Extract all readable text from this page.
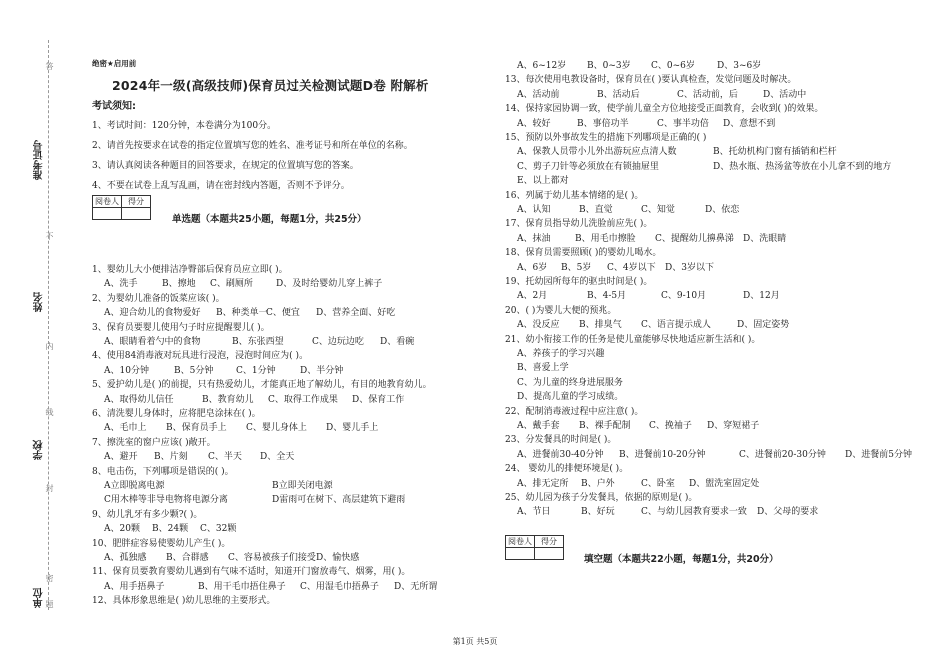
准考证号
姓名
学校
单位
答
不
内
线
封
密
题
绝密★启用前
2024年一级(高级技师)保育员过关检测试题D卷 附解析
考试须知:
1、考试时间：120分钟，本卷满分为100分。
2、请首先按要求在试卷的指定位置填写您的姓名、准考证号和所在单位的名称。
3、请认真阅读各种题目的回答要求，在规定的位置填写您的答案。
4、不要在试卷上乱写乱画，请在密封线内答题，否则不予评分。
阅卷人	得分

单选题（本题共25小题，每题1分，共25分）
1、婴幼儿大小便排洁净臀部后保育员应立即( )。
A、洗手	B、擦地 C、刷厕所	D、及时给婴幼儿穿上裤子
2、为婴幼儿准备的饭菜应该( )。
A、迎合幼儿的食物爱好 B、种类单一
C、便宜 D、营养全面、好吃
3、保育员要婴儿使用勺子时应提醒婴儿( )。
A、眼睛看着勺中的食物	B、东张西望	C、边玩边吃 D、看碗
4、使用84消毒液对玩具进行浸泡，浸泡时间应为( )。
A、10分钟	B、5分钟	C、1分钟	D、半分钟
5、爱护幼儿是( )的前提，只有热爱幼儿，才能真正地了解幼儿，有目的地教育幼儿。
A、取得幼儿信任	B、教育幼儿 C、取得工作成果 D、保育工作
6、清洗婴儿身体时，应将肥皂涂抹在( )。
A、毛巾上 B、保育员手上 C、婴儿身体上 D、婴儿手上
7、擦洗室的窗户应该( )敞开。
A、避开 B、片刻 C、半天 D、全天
8、电击伤，下列哪项是错误的( )。
A立即脱离电源	B立即关闭电源
C用木棒等非导电物将电源分离	D雷雨可在树下、高层建筑下避雨
9、幼儿乳牙有多少颗?( )。
A、20颗 B、24颗 C、32颗
10、肥胖症容易使婴幼儿产生( )。
A、孤独感 B、合群感 C、容易被孩子们接受 D、愉快感
11、保育员要教育婴幼儿遇到有气味不适时，知道开门窗放毒气、烟雾，用( )。
A、用手捂鼻子	B、用干毛巾捂住鼻子 C、用湿毛巾捂鼻子 D、无所谓
12、具体形象思维是( )幼儿思维的主要形式。
A、6~12岁 B、0~3岁 C、0~6岁 D、3~6岁
13、每次使用电教设备时，保育员在( )要认真检查，发觉问题及时解决。
A、活动前	B、活动后	C、活动前，后	D、活动中
14、保持家园协调一致，使学前儿童全方位地接受正面教育，会收到( )的效果。
A、较好	B、事倍功半	C、事半功倍 D、意想不到
15、预防以外事故发生的措施下列哪项是正确的( )
A、保教人员带小儿外出游玩应点清人数	B、托幼机构门窗有插销和栏杆
C、剪子刀针等必须放在有锁抽屉里	D、热水瓶、热汤盆等放在小儿拿不到的地方
E、以上都对
16、列属于幼儿基本情绪的是( )。
A、认知	B、直觉	C、知觉	D、依恋
17、保育员指导幼儿洗脸前应先( )。
A、抹油	B、用毛巾擦脸 C、提醒幼儿擤鼻涕 D、洗眼睛
18、保育员需要照顾( )的婴幼儿喝水。
A、6岁 B、5岁 C、4岁以下 D、3岁以下
19、托幼园所每年的驱虫时间是( )。
A、2月	B、4-5月	C、9-10月	D、12月
20、( )为婴儿大便的预兆。
A、没反应 B、排臭气 C、语言提示成人	D、固定姿势
21、幼小衔接工作的任务是使儿童能够尽快地适应新生活和( )。
A、养孩子的学习兴趣
B、喜爱上学
C、为儿童的终身进展服务
D、提高儿童的学习成绩。
22、配制消毒液过程中应注意( )。
A、戴手套 B、裸手配制 C、挽袖子 D、穿短裙子
23、分发餐具的时间是( )。
A、进餐前30-40分钟 B、进餐前10-20分钟	C、进餐前20-30分钟 D、进餐前5分钟
24、 婴幼儿的排便环境是( )。
A、排无定所 B、户外	C、卧室 D、盥洗室固定处
25、幼儿园为孩子分发餐具，依据的原则是( )。
A、节日	B、好玩	C、与幼儿园教育要求一致 D、父母的要求
阅卷人	得分

填空题（本题共22小题，每题1分，共20分）
第1页 共5页
